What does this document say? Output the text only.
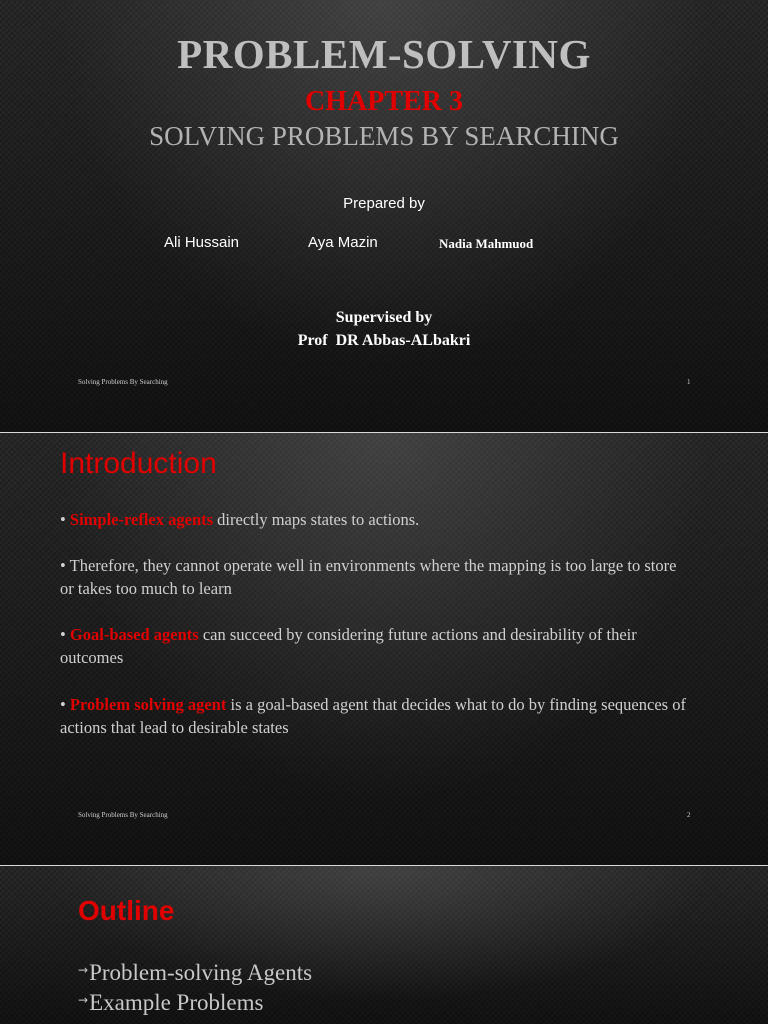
PROBLEM-SOLVING
CHAPTER 3
SOLVING PROBLEMS BY SEARCHING
Prepared by
Ali Hussain	Aya Mazin	Nadia Mahmuod
Supervised by
Prof  DR Abbas-ALbakri
Solving Problems By Searching	1
Introduction

• Simple-reflex agents directly maps states to actions.

• Therefore, they cannot operate well in environments where the mapping is too large to store or takes too much to learn

• Goal-based agents can succeed by considering future actions and desirability of their outcomes

• Problem solving agent is a goal-based agent that decides what to do by finding sequences of actions that lead to desirable states

Solving Problems By Searching	2
Outline
→Problem-solving Agents
→Example Problems
